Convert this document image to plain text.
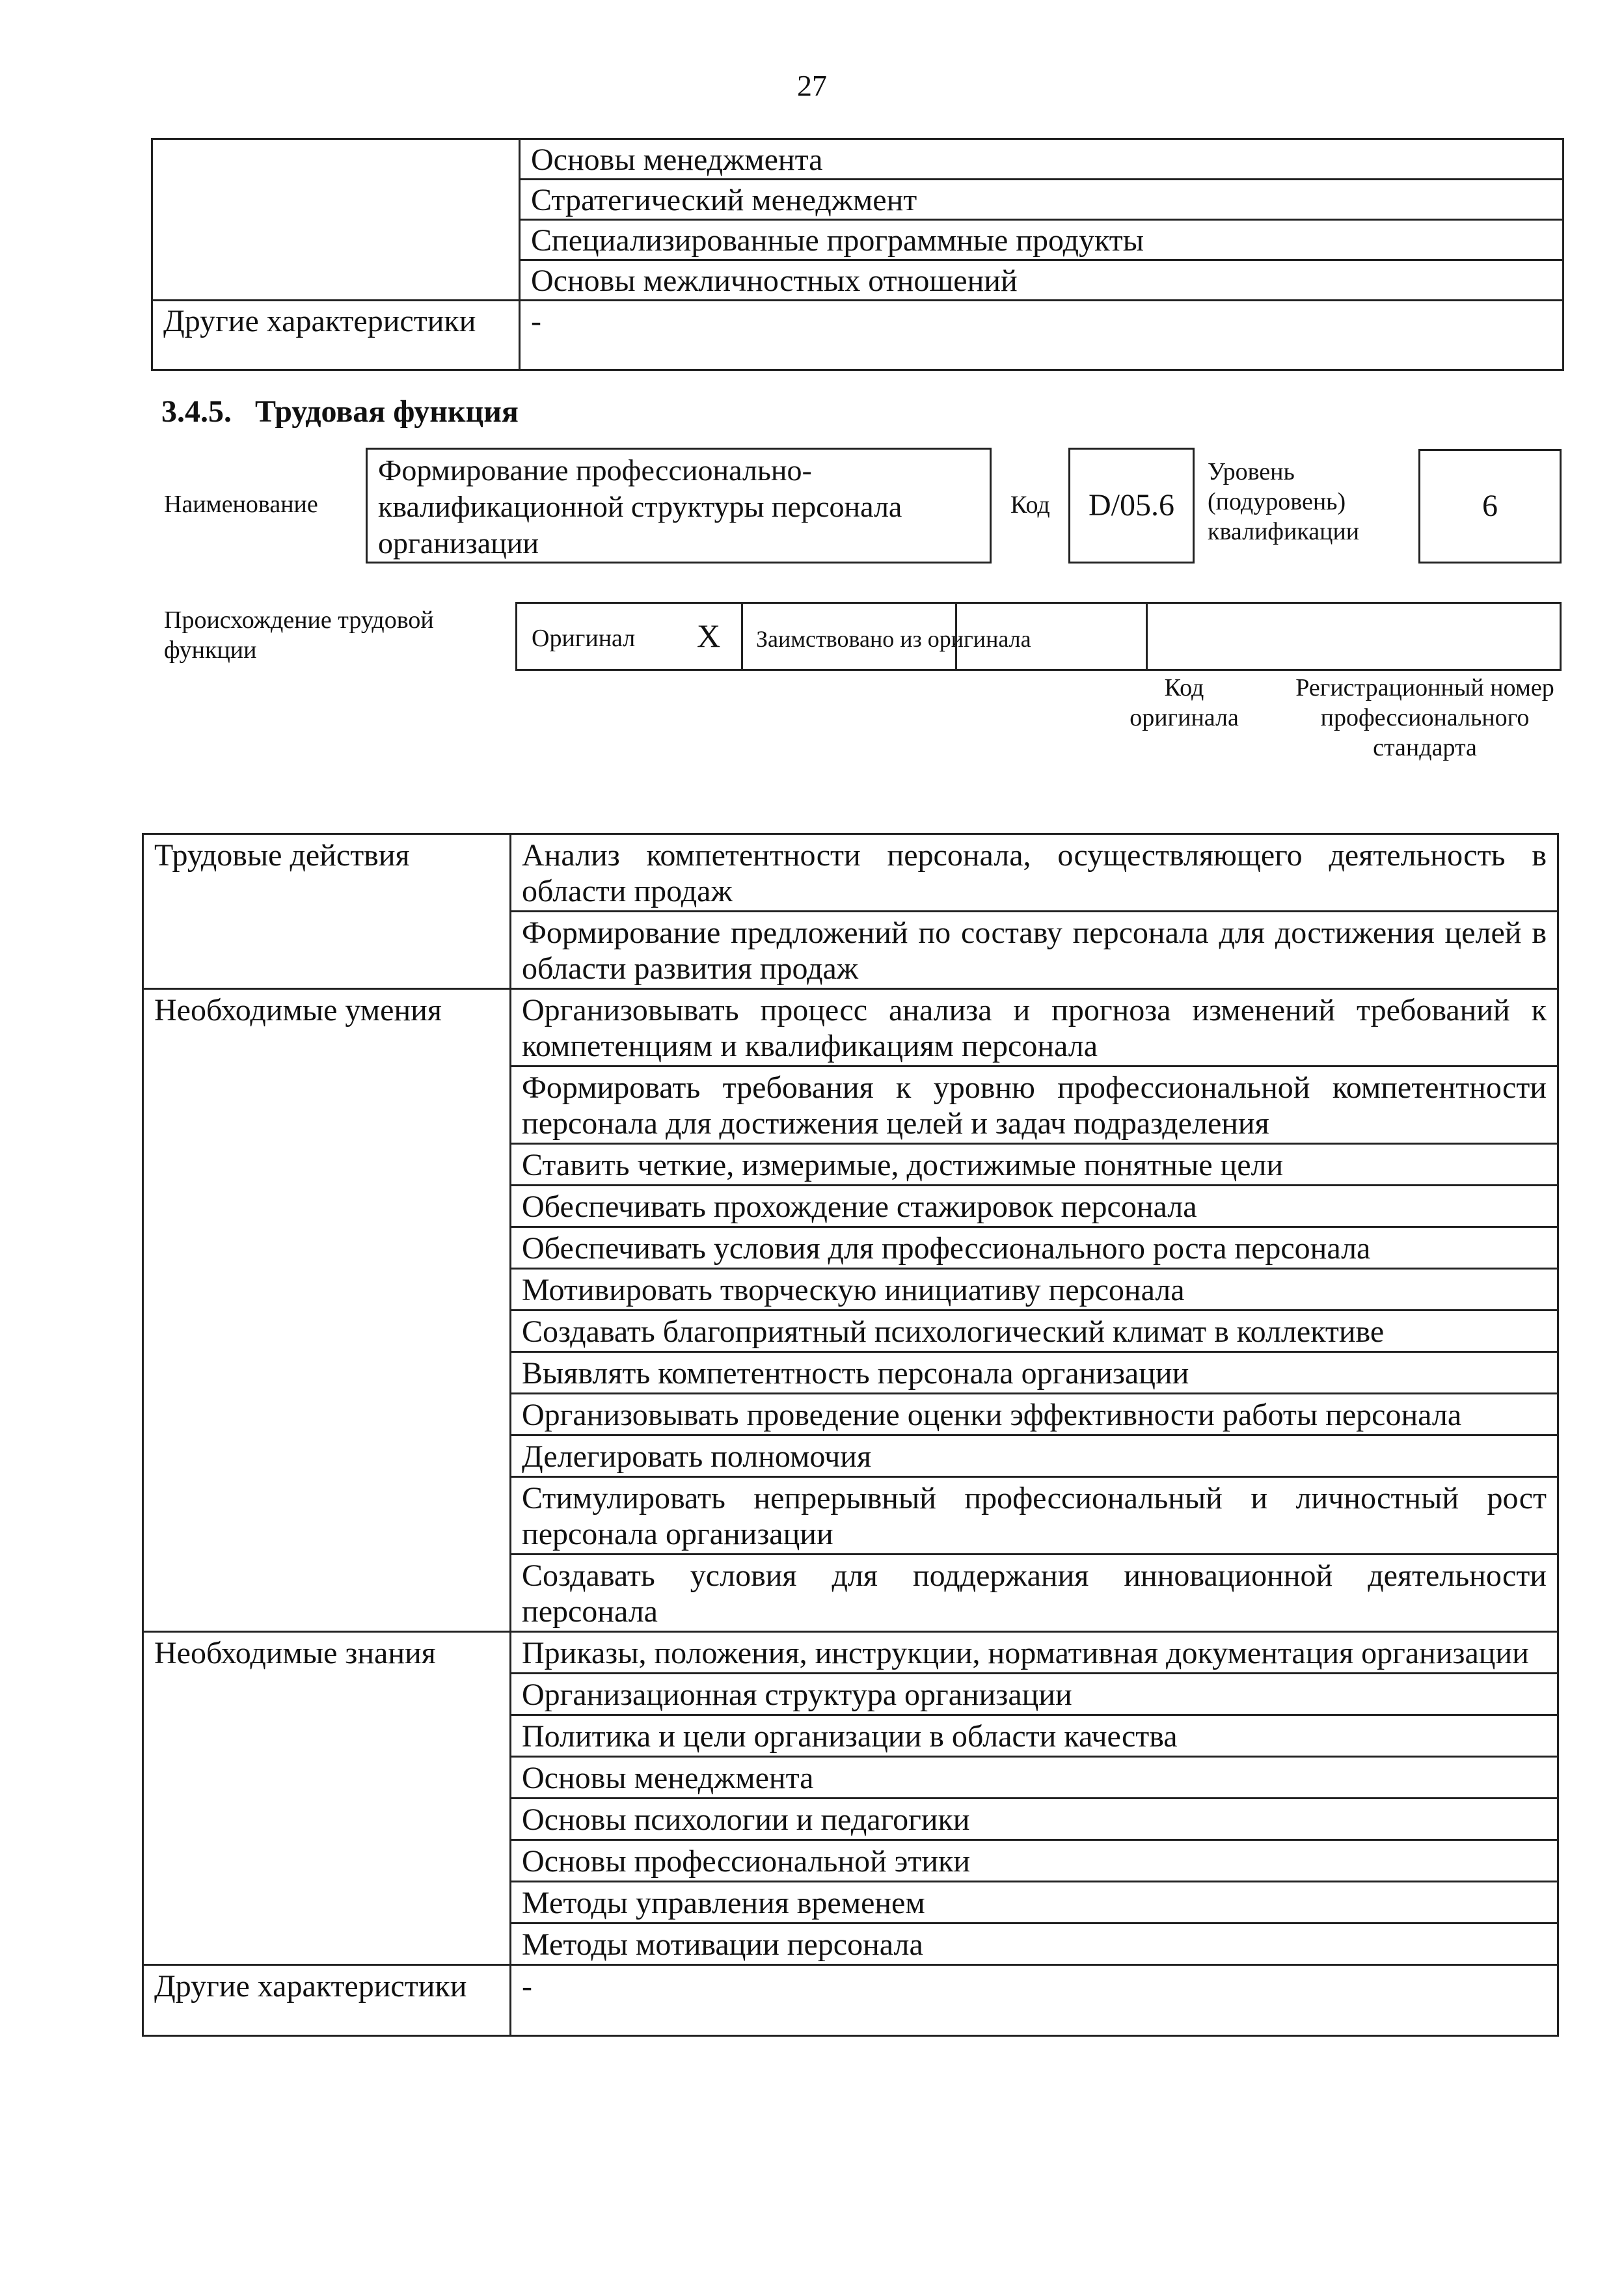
27
	Основы менеджмента
	Стратегический менеджмент
	Специализированные программные продукты
	Основы межличностных отношений
Другие характеристики	-
3.4.5. Трудовая функция
Наименование
Формирование профессионально-квалификационной структуры персонала организации
Код	D/05.6
Уровень (подуровень) квалификации
6
Происхождение трудовой функции	Оригинал X Заимствовано из оригинала
Код оригинала
Регистрационный номер профессионального стандарта
Трудовые действия	Анализ компетентности персонала, осуществляющего деятельность в области продаж
	Формирование предложений по составу персонала для достижения целей в области развития продаж
Необходимые умения	Организовывать процесс анализа и прогноза изменений требований к компетенциям и квалификациям персонала
	Формировать требования к уровню профессиональной компетентности персонала для достижения целей и задач подразделения
	Ставить четкие, измеримые, достижимые понятные цели
	Обеспечивать прохождение стажировок персонала
	Обеспечивать условия для профессионального роста персонала
	Мотивировать творческую инициативу персонала
	Создавать благоприятный психологический климат в коллективе
	Выявлять компетентность персонала организации
	Организовывать проведение оценки эффективности работы персонала
	Делегировать полномочия
	Стимулировать непрерывный профессиональный и личностный рост персонала организации
	Создавать условия для поддержания инновационной деятельности персонала
Необходимые знания	Приказы, положения, инструкции, нормативная документация организации
	Организационная структура организации
	Политика и цели организации в области качества
	Основы менеджмента
	Основы психологии и педагогики
	Основы профессиональной этики
	Методы управления временем
	Методы мотивации персонала
Другие характеристики	-
